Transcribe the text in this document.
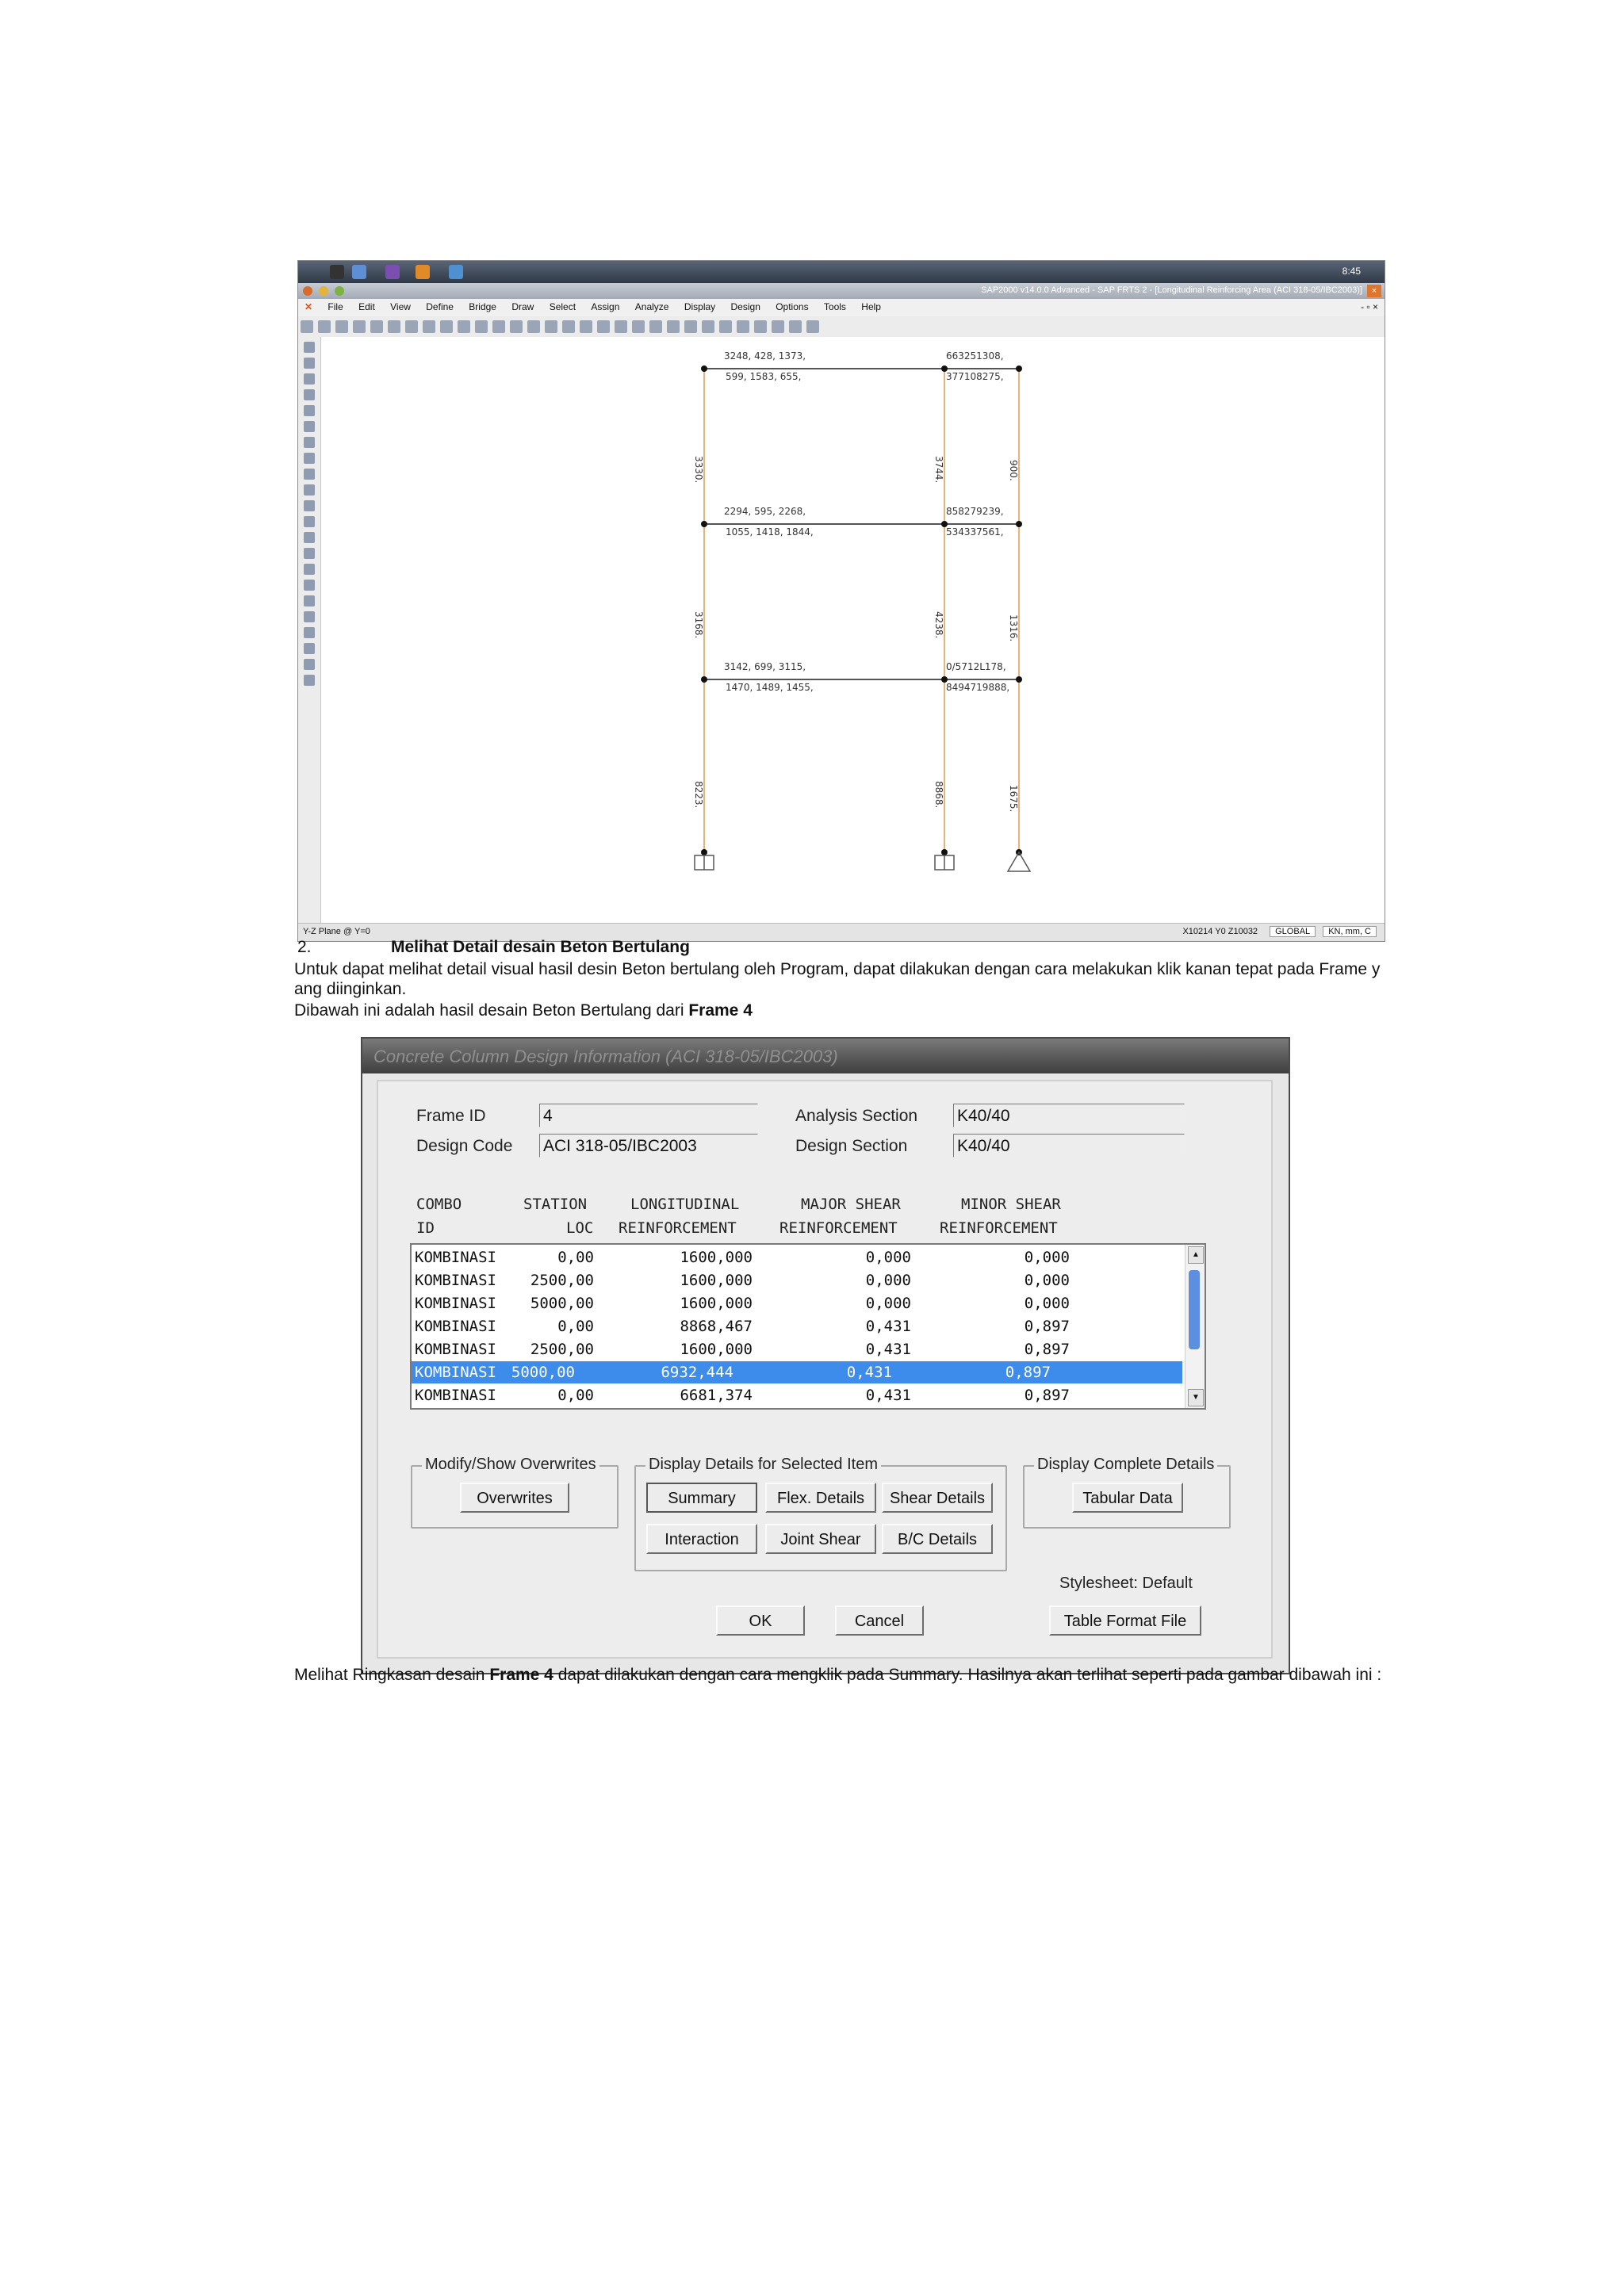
8:45
SAP2000 v14.0.0 Advanced - SAP FRTS 2 - [Longitudinal Reinforcing Area (ACI 318-05/IBC2003)]	×
✕ File Edit View Define Bridge Draw Select Assign Analyze Display Design Options Tools Help	- ▫ ×
3248, 428, 1373,
599, 1583, 655,
663251308,
377108275,
2294, 595, 2268,
1055, 1418, 1844,
858279239,
534337561,
3142, 699, 3115,
1470, 1489, 1455,
0/5712L178,
8494719888,
3330.
3168.
8223.
3744.
4238.
8868.
900.
1316.
1675.
Y-Z Plane @ Y=0	X10214 Y0 Z10032 GLOBAL KN, mm, C
2.	Melihat Detail desain Beton Bertulang
Untuk dapat melihat detail visual hasil desin Beton bertulang oleh Program, dapat dilakukan dengan cara melakukan klik kanan tepat pada Frame y ang diinginkan.
Dibawah ini adalah hasil desain Beton Bertulang dari Frame 4
Concrete Column Design Information (ACI 318-05/IBC2003)
Frame ID	4
Design Code ACI 318-05/IBC2003
Analysis Section K40/40
Design Section	K40/40
COMBO	STATION	LONGITUDINAL	MAJOR SHEAR	MINOR SHEAR
ID	LOC REINFORCEMENT	REINFORCEMENT	REINFORCEMENT
KOMBINASI	0,00	1600,000	0,000	0,000
KOMBINASI 2500,00	1600,000	0,000	0,000
KOMBINASI 5000,00	1600,000	0,000	0,000
KOMBINASI	0,00	8868,467	0,431	0,897
KOMBINASI 2500,00	1600,000	0,431	0,897
KOMBINASI 5000,00	6932,444	0,431	0,897
KOMBINASI	0,00	6681,374	0,431	0,897
▲
▼
Modify/Show Overwrites
Overwrites
Display Details for Selected Item
Summary	Flex. Details	Shear Details
Interaction	Joint Shear	B/C Details
Display Complete Details
Tabular Data
Stylesheet: Default
OK	Cancel	Table Format File
Melihat Ringkasan desain Frame 4 dapat dilakukan dengan cara mengklik pada Summary. Hasilnya akan terlihat seperti pada gambar dibawah ini :
